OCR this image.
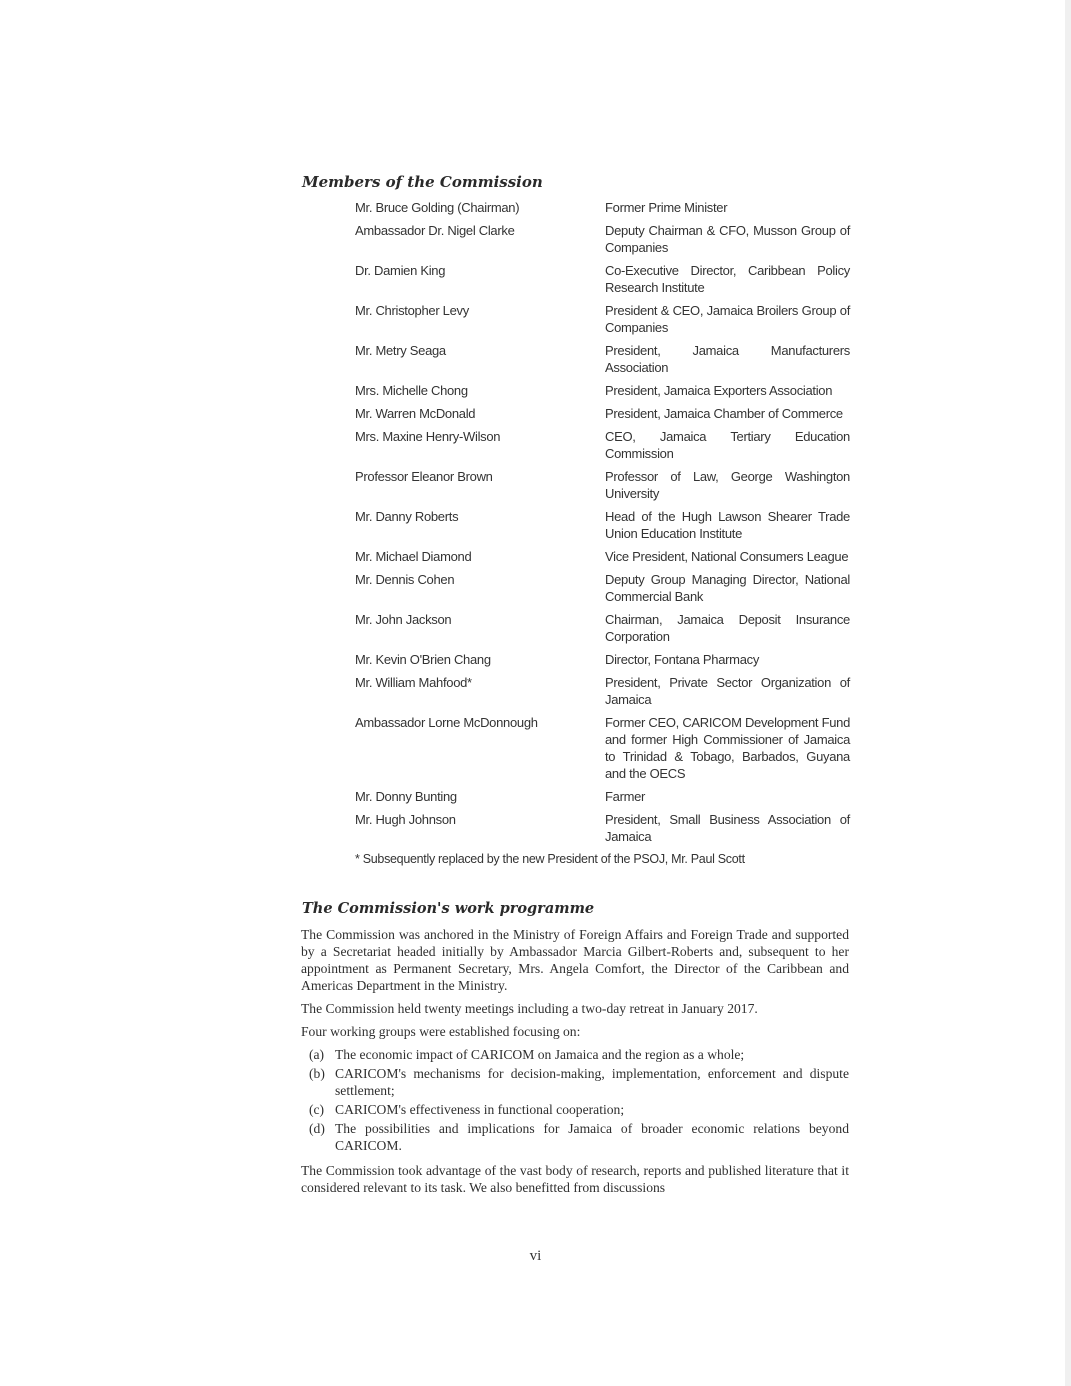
Members of the Commission
Mr. Bruce Golding (Chairman)	Former Prime Minister
Ambassador Dr. Nigel Clarke	Deputy Chairman & CFO, Musson Group of Companies
Dr. Damien King	Co-Executive Director, Caribbean Policy Research Institute
Mr. Christopher Levy	President & CEO, Jamaica Broilers Group of Companies
Mr. Metry Seaga	President, Jamaica Manufacturers Association
Mrs. Michelle Chong	President, Jamaica Exporters Association
Mr. Warren McDonald	President, Jamaica Chamber of Commerce
Mrs. Maxine Henry-Wilson	CEO, Jamaica Tertiary Education Commission
Professor Eleanor Brown	Professor of Law, George Washington University
Mr. Danny Roberts	Head of the Hugh Lawson Shearer Trade Union Education Institute
Mr. Michael Diamond	Vice President, National Consumers League
Mr. Dennis Cohen	Deputy Group Managing Director, National Commercial Bank
Mr. John Jackson	Chairman, Jamaica Deposit Insurance Corporation
Mr. Kevin O'Brien Chang	Director, Fontana Pharmacy
Mr. William Mahfood*	President, Private Sector Organization of Jamaica
Ambassador Lorne McDonnough	Former CEO, CARICOM Development Fund and former High Commissioner of Jamaica to Trinidad & Tobago, Barbados, Guyana and the OECS
Mr. Donny Bunting	Farmer
Mr. Hugh Johnson	President, Small Business Association of Jamaica
* Subsequently replaced by the new President of the PSOJ, Mr. Paul Scott
The Commission's work programme

The Commission was anchored in the Ministry of Foreign Affairs and Foreign Trade and supported by a Secretariat headed initially by Ambassador Marcia Gilbert-Roberts and, subsequent to her appointment as Permanent Secretary, Mrs. Angela Comfort, the Director of the Caribbean and Americas Department in the Ministry.

The Commission held twenty meetings including a two-day retreat in January 2017.

Four working groups were established focusing on:

(a) The economic impact of CARICOM on Jamaica and the region as a whole;
(b) CARICOM's mechanisms for decision-making, implementation, enforcement and dispute settlement;
(c) CARICOM's effectiveness in functional cooperation;
(d) The possibilities and implications for Jamaica of broader economic relations beyond CARICOM.

The Commission took advantage of the vast body of research, reports and published literature that it considered relevant to its task. We also benefitted from discussions

vi
